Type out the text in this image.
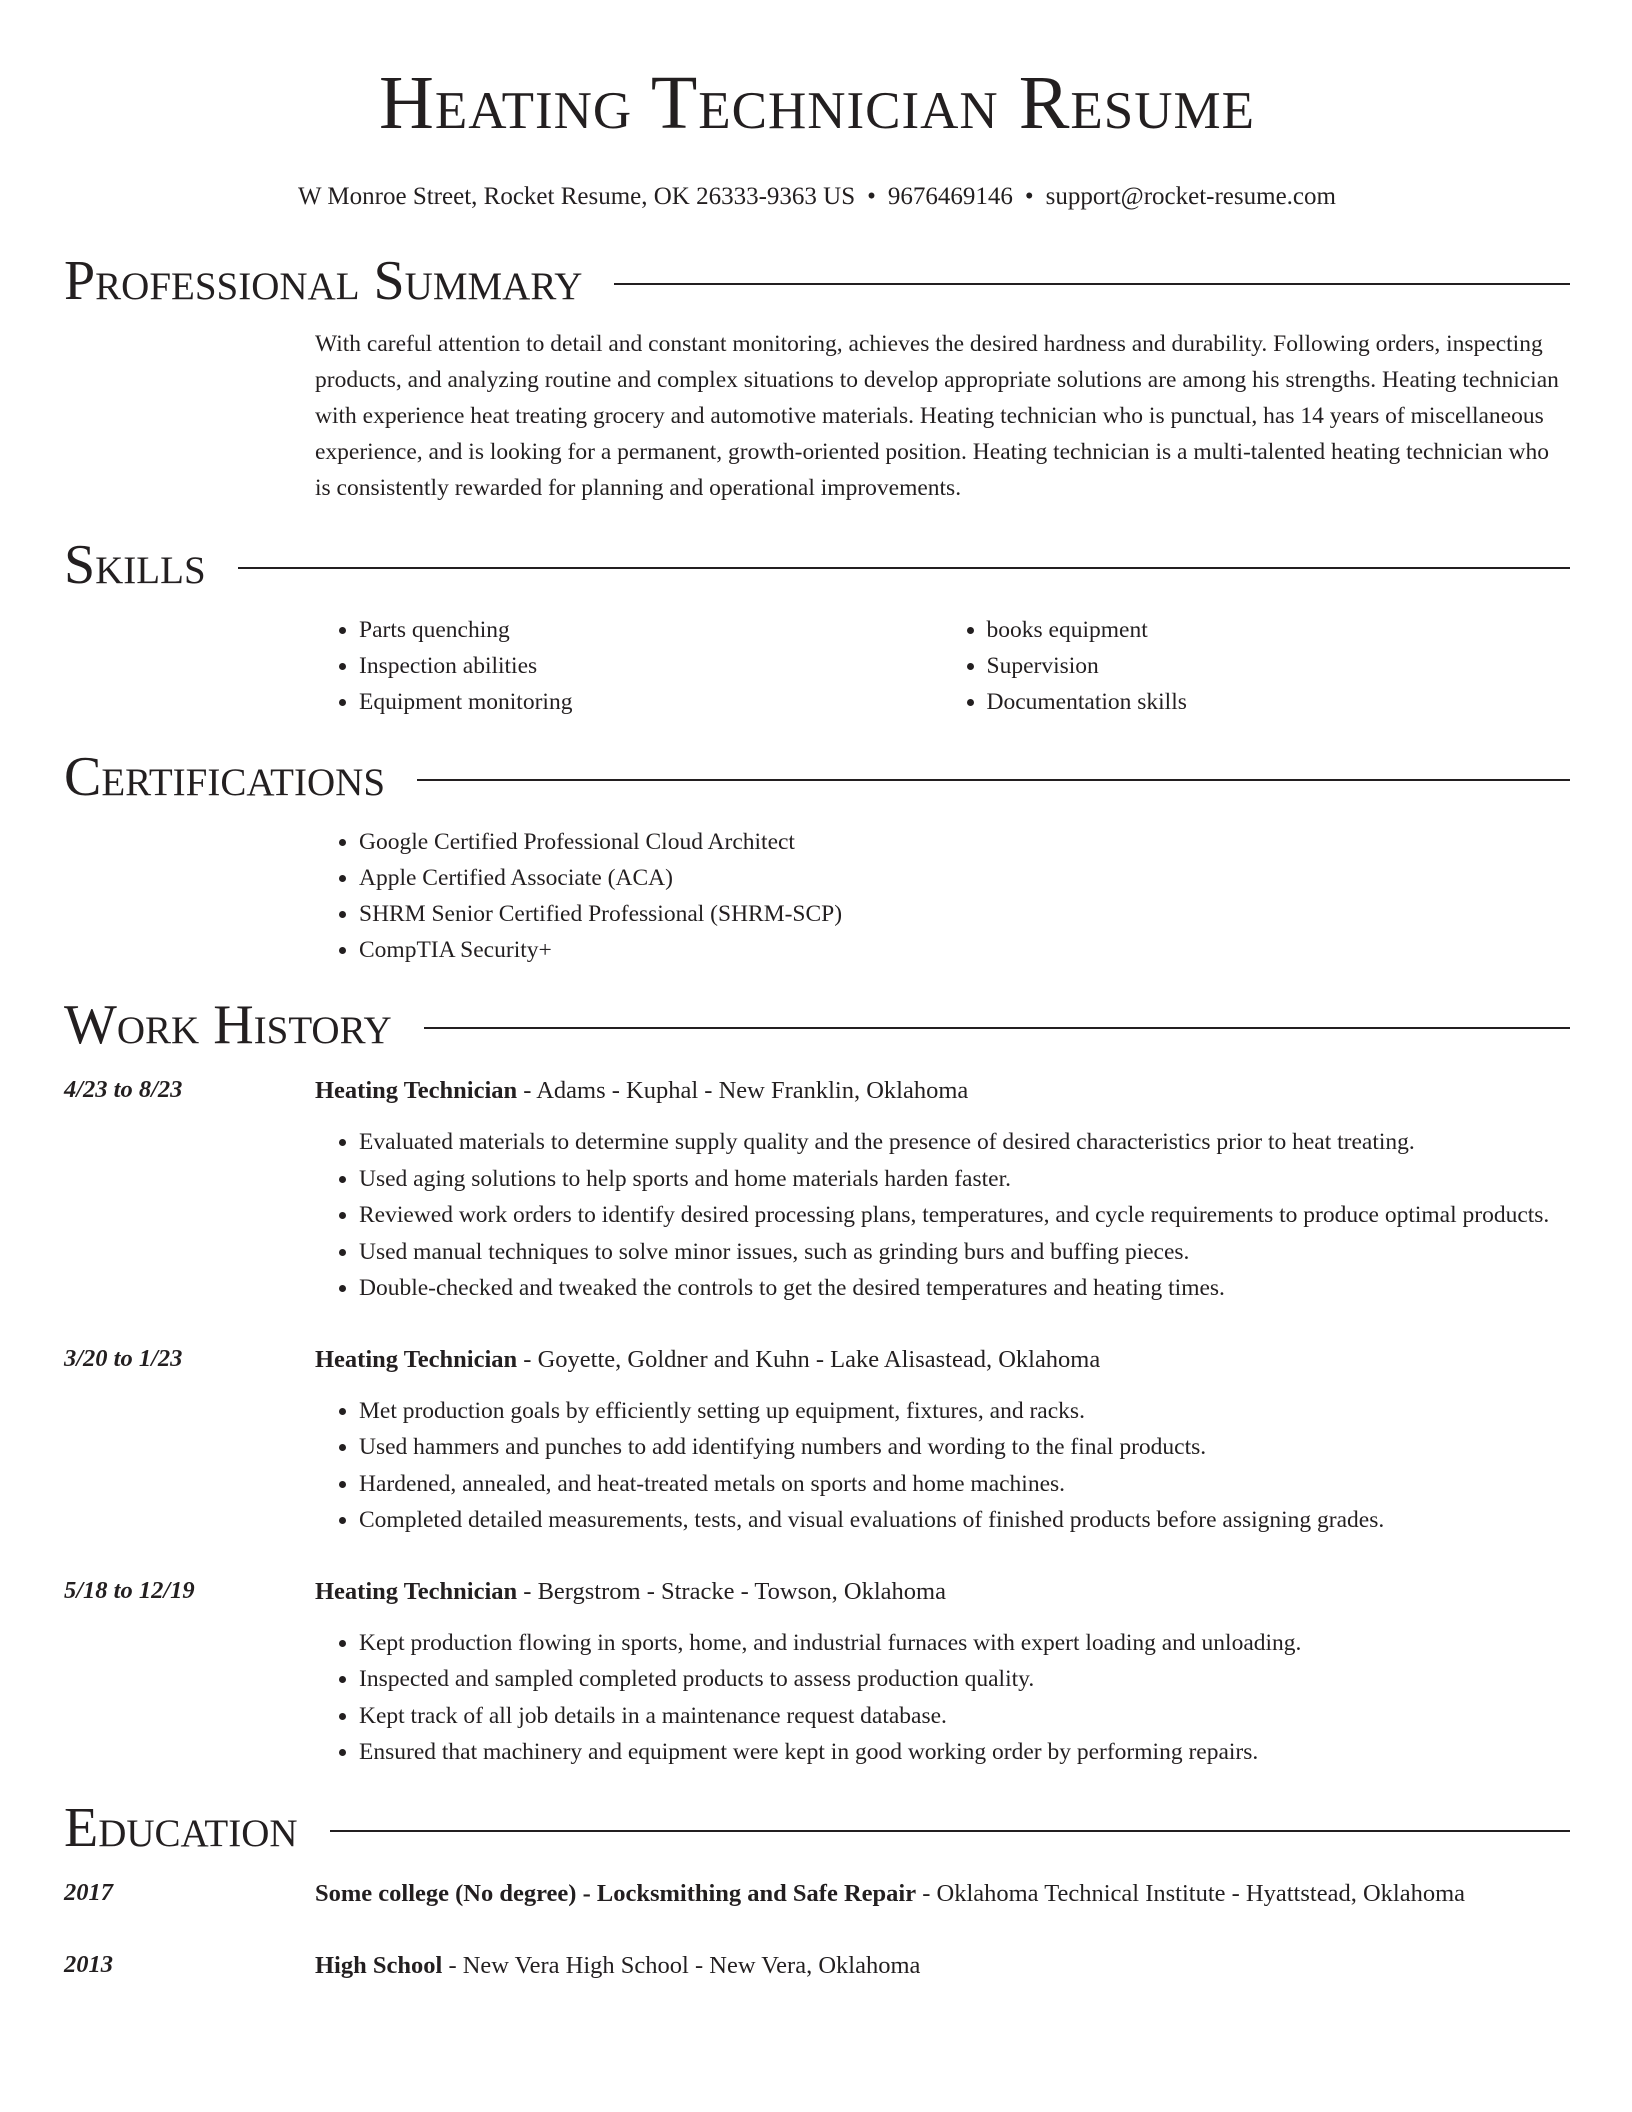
Heating Technician Resume
W Monroe Street, Rocket Resume, OK 26333-9363 US • 9676469146 • support@rocket-resume.com
Professional Summary
With careful attention to detail and constant monitoring, achieves the desired hardness and durability. Following orders, inspecting products, and analyzing routine and complex situations to develop appropriate solutions are among his strengths. Heating technician with experience heat treating grocery and automotive materials. Heating technician who is punctual, has 14 years of miscellaneous experience, and is looking for a permanent, growth-oriented position. Heating technician is a multi-talented heating technician who is consistently rewarded for planning and operational improvements.
Skills
• Parts quenching
• Inspection abilities
• Equipment monitoring
• books equipment
• Supervision
• Documentation skills
Certifications
• Google Certified Professional Cloud Architect
• Apple Certified Associate (ACA)
• SHRM Senior Certified Professional (SHRM-SCP)
• CompTIA Security+
Work History
4/23 to 8/23	Heating Technician - Adams - Kuphal - New Franklin, Oklahoma
• Evaluated materials to determine supply quality and the presence of desired characteristics prior to heat treating.
• Used aging solutions to help sports and home materials harden faster.
• Reviewed work orders to identify desired processing plans, temperatures, and cycle requirements to produce optimal products.
• Used manual techniques to solve minor issues, such as grinding burs and buffing pieces.
• Double-checked and tweaked the controls to get the desired temperatures and heating times.
3/20 to 1/23	Heating Technician - Goyette, Goldner and Kuhn - Lake Alisastead, Oklahoma
• Met production goals by efficiently setting up equipment, fixtures, and racks.
• Used hammers and punches to add identifying numbers and wording to the final products.
• Hardened, annealed, and heat-treated metals on sports and home machines.
• Completed detailed measurements, tests, and visual evaluations of finished products before assigning grades.
5/18 to 12/19	Heating Technician - Bergstrom - Stracke - Towson, Oklahoma
• Kept production flowing in sports, home, and industrial furnaces with expert loading and unloading.
• Inspected and sampled completed products to assess production quality.
• Kept track of all job details in a maintenance request database.
• Ensured that machinery and equipment were kept in good working order by performing repairs.
Education
2017	Some college (No degree) - Locksmithing and Safe Repair - Oklahoma Technical Institute - Hyattstead, Oklahoma
2013	High School - New Vera High School - New Vera, Oklahoma
